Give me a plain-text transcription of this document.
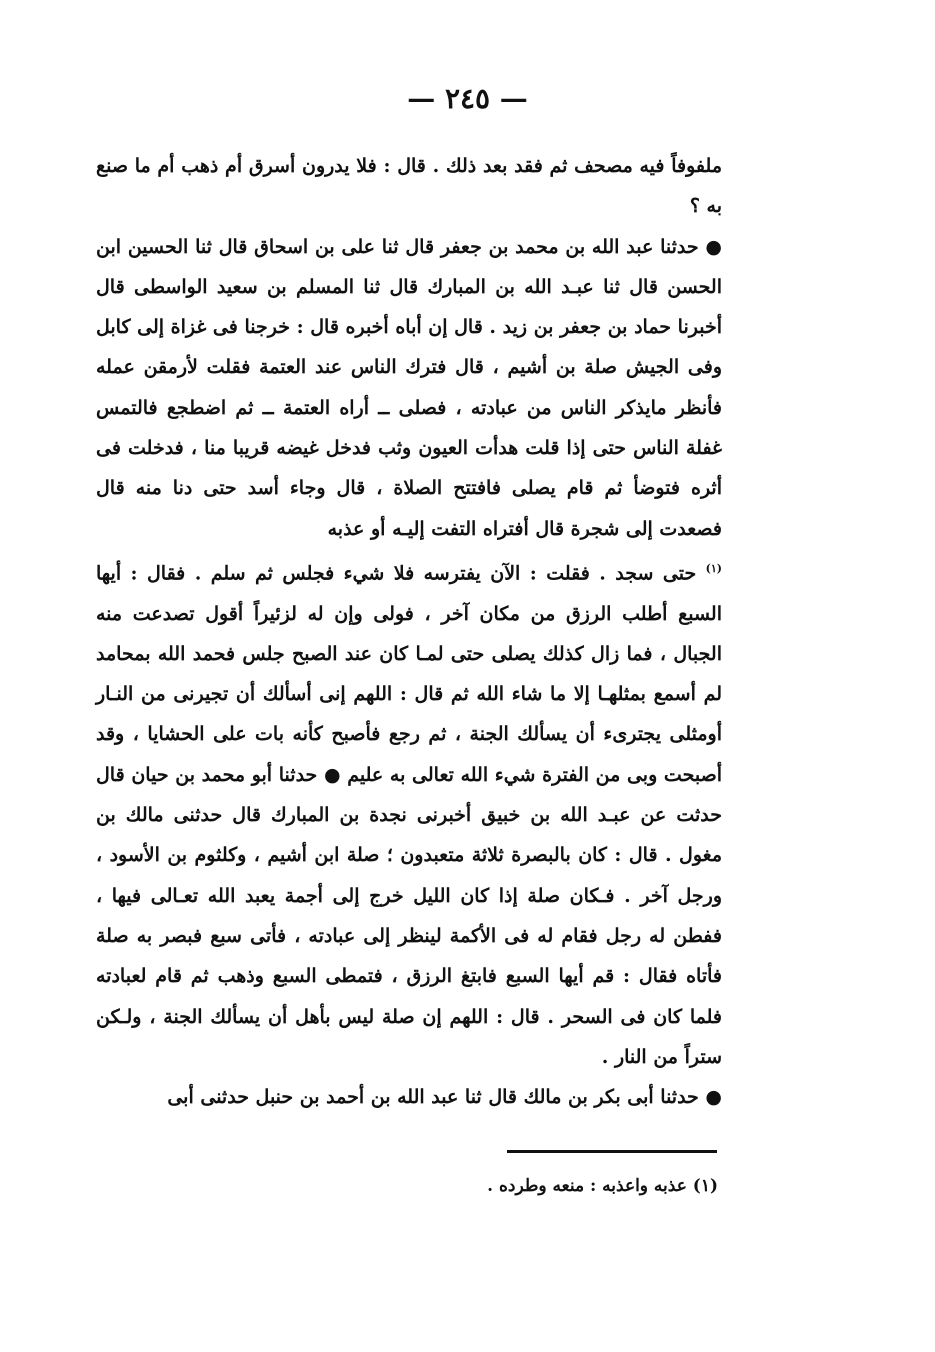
— ٢٤٥ —

ملفوفاً فيه مصحف ثم فقد بعد ذلك . قال : فلا يدرون أسرق أم ذهب أم ما صنع به ؟

● حدثنا عبد الله بن محمد بن جعفر قال ثنا على بن اسحاق قال ثنا الحسين ابن الحسن قال ثنا عبـد الله بن المبارك قال ثنا المسلم بن سعيد الواسطى قال أخبرنا حماد بن جعفر بن زيد . قال إن أباه أخبره قال : خرجنا فى غزاة إلى كابل وفى الجيش صلة بن أشيم ، قال فترك الناس عند العتمة فقلت لأرمقن عمله فأنظر مايذكر الناس من عبادته ، فصلى ــ أراه العتمة ــ ثم اضطجع فالتمس غفلة الناس حتى إذا قلت هدأت العيون وثب فدخل غيضه قريبا منا ، فدخلت فى أثره فتوضأ ثم قام يصلى فافتتح الصلاة ، قال وجاء أسد حتى دنا منه قال فصعدت إلى شجرة قال أفتراه التفت إليـه أو عذبه

$^{(١)}$ حتى سجد . فقلت : الآن يفترسه فلا شيء فجلس ثم سلم . فقال : أيها السبع أطلب الرزق من مكان آخر ، فولى وإن له لزئيراً أقول تصدعت منه الجبال ، فما زال كذلك يصلى حتى لمـا كان عند الصبح جلس فحمد الله بمحامد لم أسمع بمثلهـا إلا ما شاء الله ثم قال : اللهم إنى أسألك أن تجيرنى من النـار أومثلى يجترىء أن يسألك الجنة ، ثم رجع فأصبح كأنه بات على الحشايا ، وقد أصبحت وبى من الفترة شيء الله تعالى به عليم ● حدثنا أبو محمد بن حيان قال حدثت عن عبـد الله بن خبيق أخبرنى نجدة بن المبارك قال حدثنى مالك بن مغول . قال : كان بالبصرة ثلاثة متعبدون ؛ صلة ابن أشيم ، وكلثوم بن الأسود ، ورجل آخر . فـكان صلة إذا كان الليل خرج إلى أجمة يعبد الله تعـالى فيها ، ففطن له رجل فقام له فى الأكمة لينظر إلى عبادته ، فأتى سبع فبصر به صلة فأتاه فقال : قم أيها السبع فابتغ الرزق ، فتمطى السبع وذهب ثم قام لعبادته فلما كان فى السحر . قال : اللهم إن صلة ليس بأهل أن يسألك الجنة ، ولـكن ستراً من النار .

● حدثنا أبى بكر بن مالك قال ثنا عبد الله بن أحمد بن حنبل حدثنى أبى

(١) عذبه واعذبه : منعه وطرده .
